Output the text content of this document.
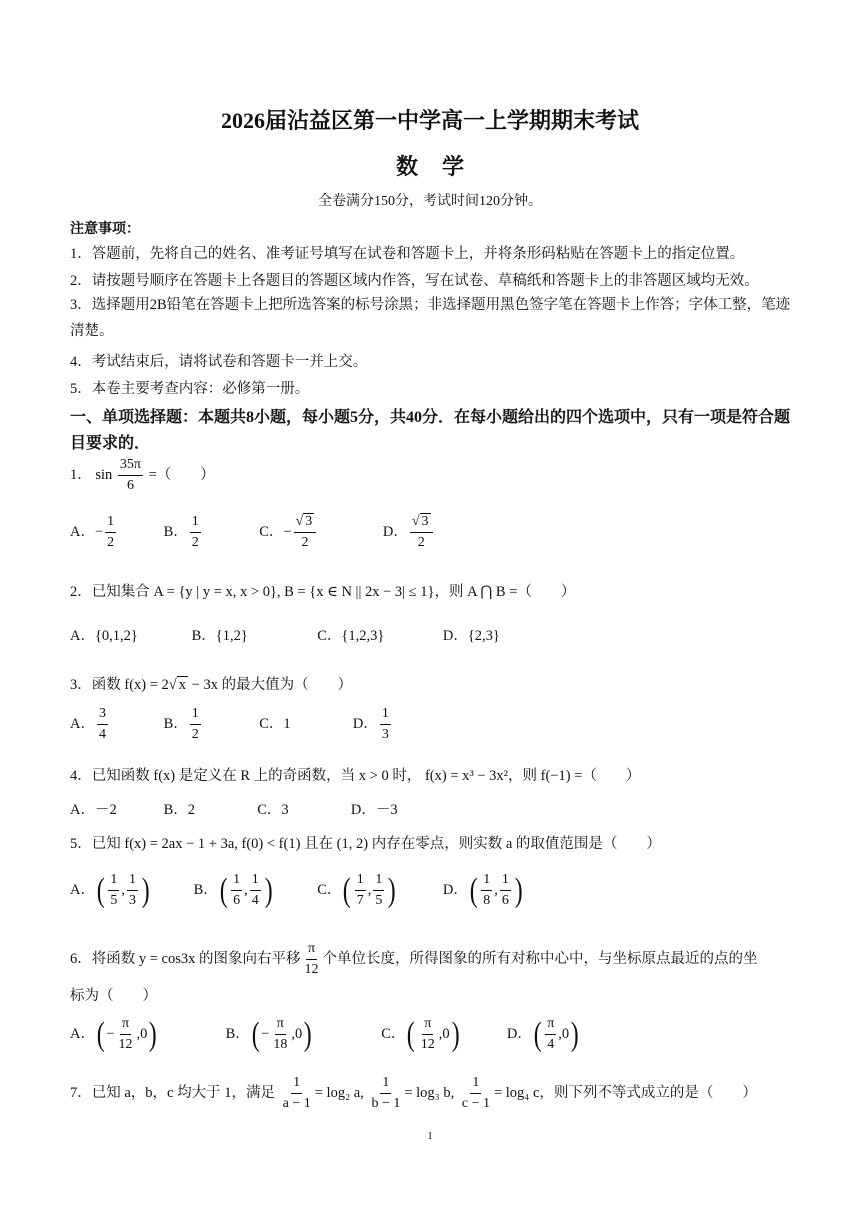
2026届沾益区第一中学高一上学期期末考试
数学
全卷满分150分，考试时间120分钟。
注意事项：
1．答题前，先将自己的姓名、准考证号填写在试卷和答题卡上，并将条形码粘贴在答题卡上的指定位置。
2．请按题号顺序在答题卡上各题目的答题区域内作答，写在试卷、草稿纸和答题卡上的非答题区域均无效。
3．选择题用2B铅笔在答题卡上把所选答案的标号涂黑；非选择题用黑色签字笔在答题卡上作答；字体工整，笔迹清楚。
4．考试结束后，请将试卷和答题卡一并上交。
5．本卷主要考查内容：必修第一册。
一、单项选择题：本题共8小题，每小题5分，共40分．在每小题给出的四个选项中，只有一项是符合题目要求的．
1． $\sin \frac{35\pi}{6}$ =（　　）
A．− $\frac{1}{2}$	B． $\frac{1}{2}$	C．− $\frac{√ 3}{2}$	D． $\frac{√ 3}{2}$
2．已知集合 A = {y | y = x, x > 0}, B = {x ∈ N || 2x − 3| ≤ 1}，则 A ⋂ B =（　　）
A．{0,1,2}	B．{1,2}	C．{1,2,3}	D．{2,3}
3．函数 f(x) = 2√ x − 3x 的最大值为（　　）
A． $\frac{3}{4}$	B． $\frac{1}{2}$	C．1	D． $\frac{1}{3}$
4．已知函数 f(x) 是定义在 R 上的奇函数，当 x > 0 时， f(x) = x³ − 3x²，则 f(−1) =（　　）
A．－2	B．2	C．3	D．－3
5．已知 f(x) = 2ax − 1 + 3a, f(0) < f(1) 且在 (1, 2) 内存在零点，则实数 a 的取值范围是（　　）
A．( $\frac{1}{5}$ , $\frac{1}{3}$ )	B．( $\frac{1}{6}$ , $\frac{1}{4}$ )	C．( $\frac{1}{7}$ , $\frac{1}{5}$ )	D．( $\frac{1}{8}$ , $\frac{1}{6}$ )
6．将函数 y = cos3x 的图象向右平移 $\frac{\pi}{12}$ 个单位长度，所得图象的所有对称中心中，与坐标原点最近的点的坐
标为（　　）
A．( − $\frac{\pi}{12} ,0$)	B．( − $\frac{\pi}{18} ,0$)	C．( $\frac{\pi}{12} ,0$)	D．( $\frac{\pi}{4} ,0$)
7．已知 a，b，c 均大于 1，满足 $\frac{1}{a - 1} = \log_2$ a, $\frac{1}{b - 1} = \log_3$ b, $\frac{1}{c - 1} = \log_4$ c，则下列不等式成立的是（　　）
1
